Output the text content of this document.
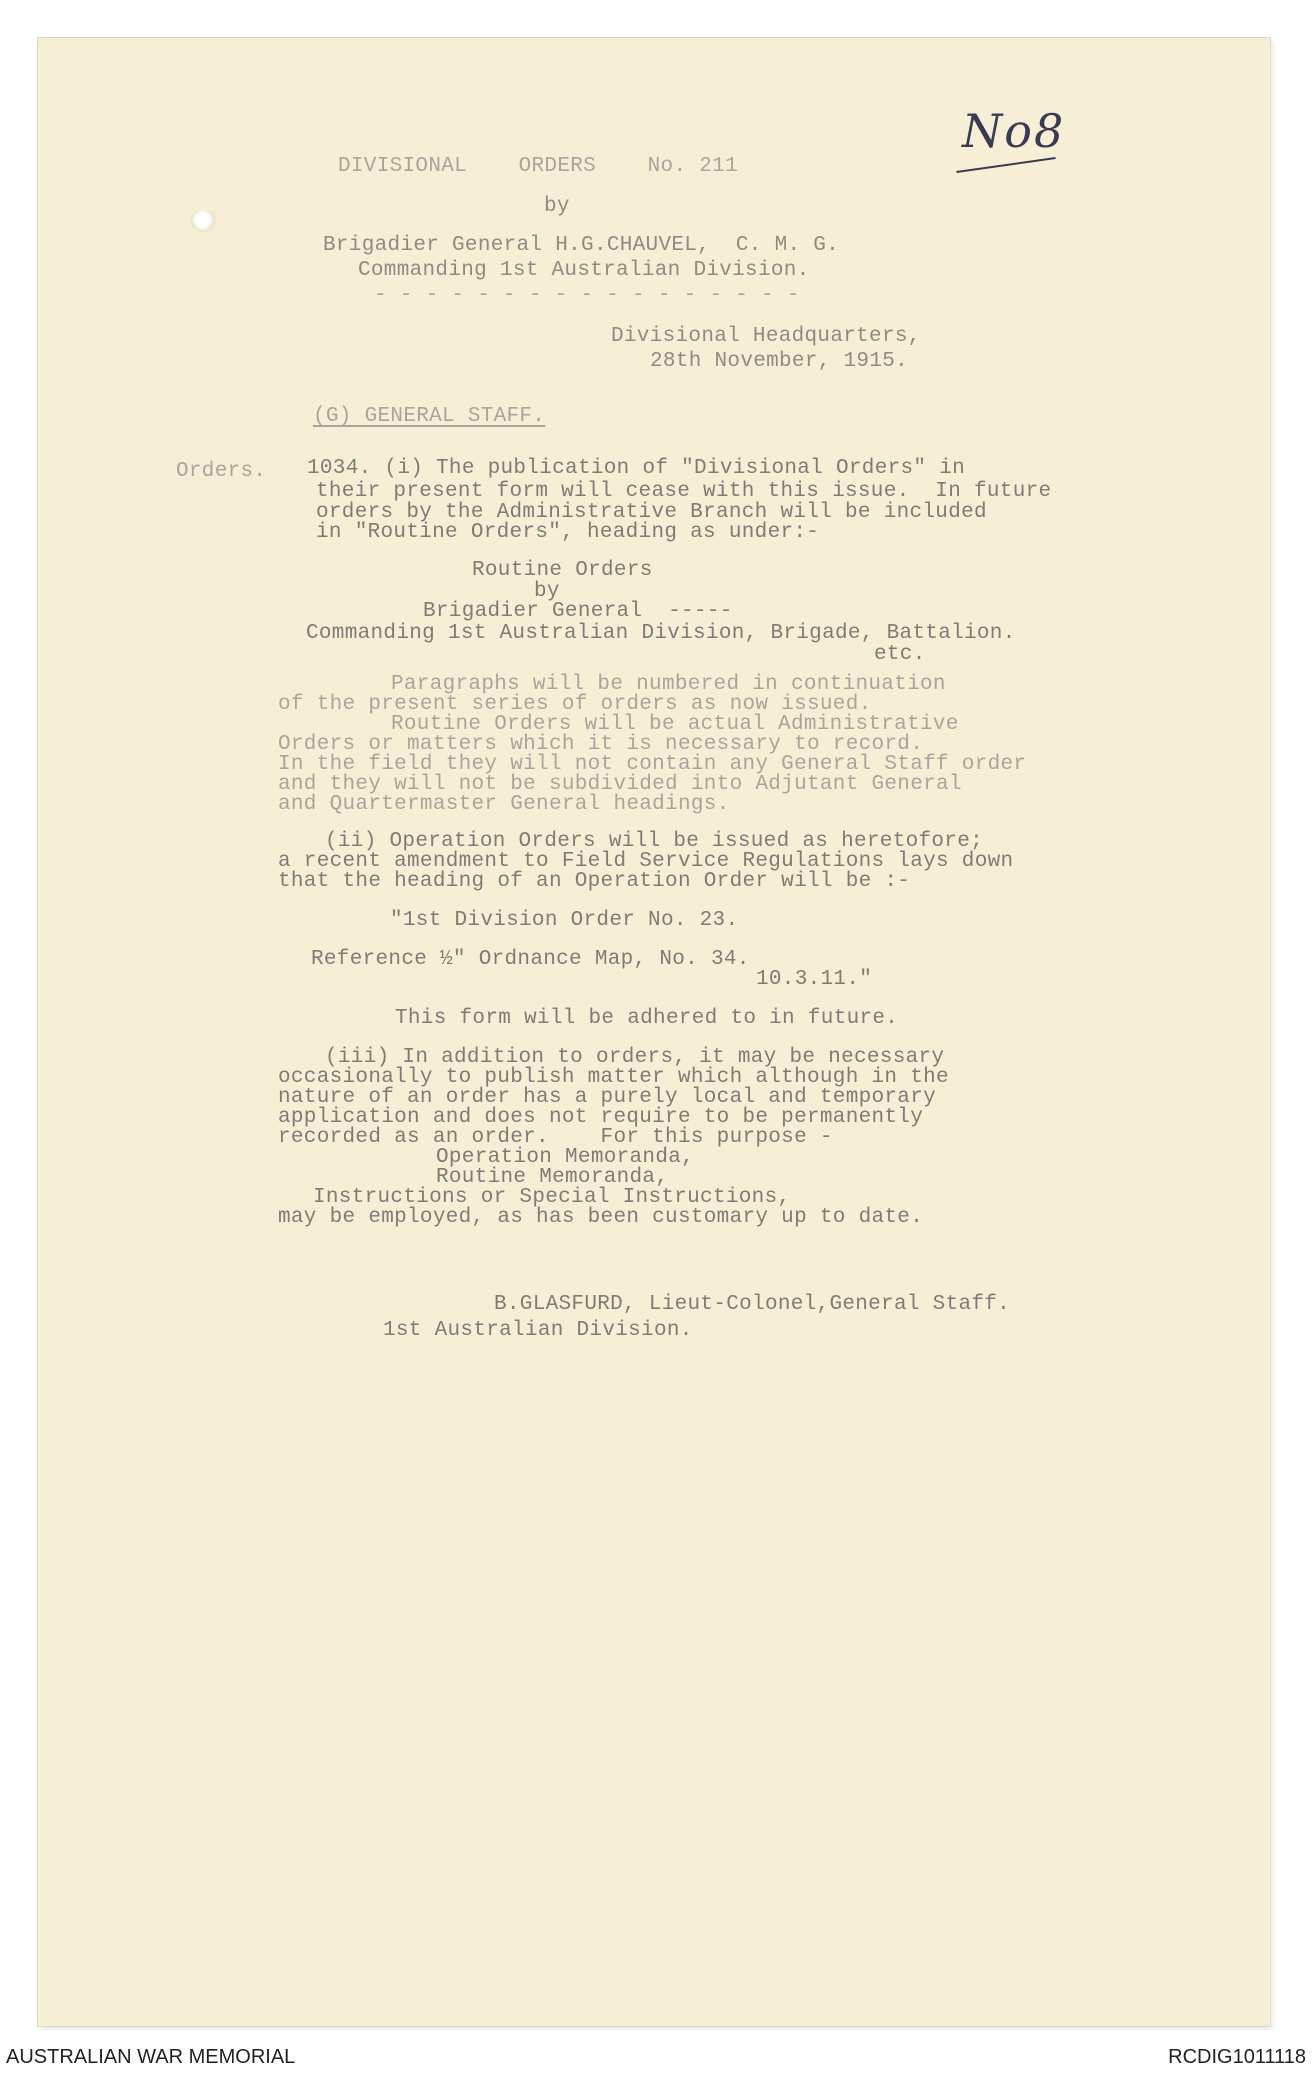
No8
DIVISIONAL    ORDERS    No. 211
by
Brigadier General H.G.CHAUVEL,  C. M. G.
Commanding 1st Australian Division.
- - - - - - - - - - - - - - - - -
Divisional Headquarters,
28th November, 1915.
(G) GENERAL STAFF.
Orders. 1034. (i) The publication of "Divisional Orders" in
their present form will cease with this issue.  In future
orders by the Administrative Branch will be included
in "Routine Orders", heading as under:-
Routine Orders
by
Brigadier General  -----
Commanding 1st Australian Division, Brigade, Battalion.
etc.
Paragraphs will be numbered in continuation
of the present series of orders as now issued.
Routine Orders will be actual Administrative
Orders or matters which it is necessary to record.
In the field they will not contain any General Staff order
and they will not be subdivided into Adjutant General
and Quartermaster General headings.
(ii) Operation Orders will be issued as heretofore;
a recent amendment to Field Service Regulations lays down
that the heading of an Operation Order will be :-
"1st Division Order No. 23.
Reference ½" Ordnance Map, No. 34.
10.3.11."
This form will be adhered to in future.
(iii) In addition to orders, it may be necessary
occasionally to publish matter which although in the
nature of an order has a purely local and temporary
application and does not require to be permanently
recorded as an order.    For this purpose -
Operation Memoranda,
Routine Memoranda,
Instructions or Special Instructions,
may be employed, as has been customary up to date.
B.GLASFURD, Lieut-Colonel,General Staff.
1st Australian Division.
AUSTRALIAN WAR MEMORIAL	RCDIG1011118
